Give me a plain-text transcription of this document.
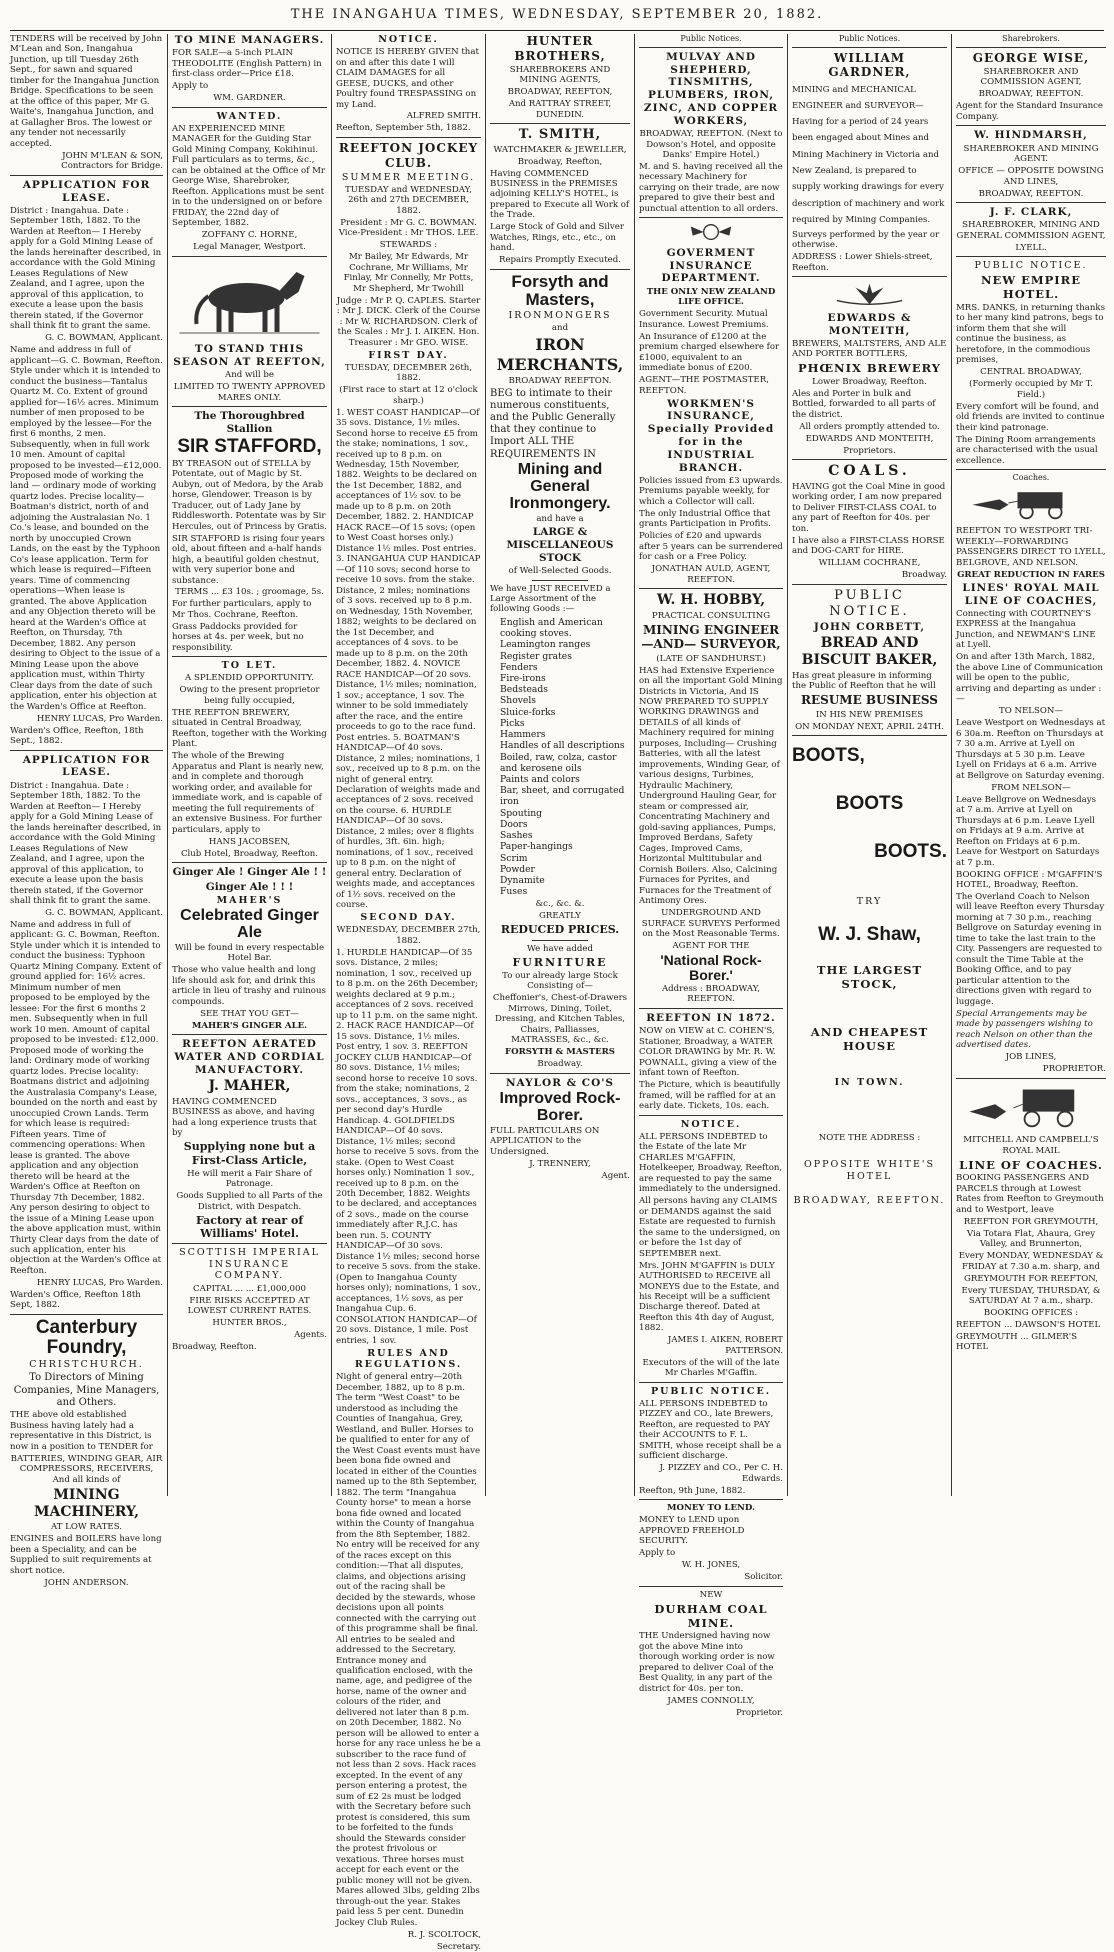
THE INANGAHUA TIMES, WEDNESDAY, SEPTEMBER 20, 1882.

TENDERS will be received by John M'Lean and Son, Inangahua Junction, up till Tuesday 26th Sept., for sawn and squared timber for the Inangahua Junction Bridge. Specifications to be seen at the office of this paper, Mr G. Waite's, Inangahua Junction, and at Gallagher Bros. The lowest or any tender not necessarily accepted.

JOHN M'LEAN & SON, Contractors for Bridge.

APPLICATION FOR LEASE.

District : Inangahua. Date : September 18th, 1882. To the Warden at Reefton— I Hereby apply for a Gold Mining Lease of the lands hereinafter described, in accordance with the Gold Mining Leases Regulations of New Zealand, and I agree, upon the approval of this application, to execute a lease upon the basis therein stated, if the Governor shall think fit to grant the same.

G. C. BOWMAN, Applicant.

Name and address in full of applicant—G. C. Bowman, Reefton. Style under which it is intended to conduct the business—Tantalus Quartz M. Co. Extent of ground applied for—16½ acres. Minimum number of men proposed to be employed by the lessee—For the first 6 months, 2 men. Subsequently, when in full work 10 men. Amount of capital proposed to be invested—£12,000. Proposed mode of working the land — ordinary mode of working quartz lodes. Precise locality—Boatman's district, north of and adjoining the Australasian No. 1 Co.'s lease, and bounded on the north by unoccupied Crown Lands, on the east by the Typhoon Co's lease application. Term for which lease is required—Fifteen years. Time of commencing operations—When lease is granted. The above Application and any Objection thereto will be heard at the Warden's Office at Reefton, on Thursday, 7th December, 1882. Any person desiring to Object to the issue of a Mining Lease upon the above application must, within Thirty Clear days from the date of such application, enter his objection at the Warden's Office at Reefton.

HENRY LUCAS, Pro Warden.

Warden's Office, Reefton, 18th Sept., 1882.

APPLICATION FOR LEASE.

District : Inangahua. Date : September 18th, 1882. To the Warden at Reefton— I Hereby apply for a Gold Mining Lease of the lands hereinafter described, in accordance with the Gold Mining Leases Regulations of New Zealand, and I agree, upon the approval of this application, to execute a lease upon the basis therein stated, if the Governor shall think fit to grant the same.

G. C. BOWMAN, Applicant.

Name and address in full of applicant: G. C. Bowman, Reefton. Style under which it is intended to conduct the business: Typhoon Quartz Mining Company. Extent of ground applied for: 16½ acres. Minimum number of men proposed to be employed by the lessee: For the first 6 months 2 men. Subsequently when in full work 10 men. Amount of capital proposed to be invested: £12,000. Proposed mode of working the land: Ordinary mode of working quartz lodes. Precise locality: Boatmans district and adjoining the Australasia Company's Lease, bounded on the north and east by unoccupied Crown Lands. Term for which lease is required: Fifteen years. Time of commencing operations: When lease is granted. The above application and any objection thereto will be heard at the Warden's Office at Reefton on Thursday 7th December, 1882. Any person desiring to object to the issue of a Mining Lease upon the above application must, within Thirty Clear days from the date of such application, enter his objection at the Warden's Office at Reefton.

HENRY LUCAS, Pro Warden.

Warden's Office, Reefton 18th Sept, 1882.

Canterbury Foundry,

CHRISTCHURCH.

To Directors of Mining Companies, Mine Managers, and Others.

THE above old established Business having lately had a representative in this District, is now in a position to TENDER for

BATTERIES, WINDING GEAR, AIR COMPRESSORS, RECEIVERS, And all kinds of

MINING MACHINERY,

AT LOW RATES.

ENGINES and BOILERS have long been a Speciality, and can be Supplied to suit requirements at short notice.

JOHN ANDERSON.

TO MINE MANAGERS.

FOR SALE—a 5-inch PLAIN THEODOLITE (English Pattern) in first-class order—Price £18.

Apply to

WM. GARDNER.

WANTED.

AN EXPERIENCED MINE MANAGER for the Guiding Star Gold Mining Company, Kokihinui. Full particulars as to terms, &c., can be obtained at the Office of Mr George Wise, Sharebroker, Reefton. Applications must be sent in to the undersigned on or before FRIDAY, the 22nd day of September, 1882.

ZOFFANY C. HORNE,

Legal Manager, Westport.

TO STAND THIS SEASON AT REEFTON,

And will be

LIMITED TO TWENTY APPROVED MARES ONLY.

The Thoroughbred Stallion

SIR STAFFORD,

BY TREASON out of STELLA by Potentate, out of Magic by St. Aubyn, out of Medora, by the Arab horse, Glendower. Treason is by Traducer, out of Lady Jane by Riddlesworth. Potentate was by Sir Hercules, out of Princess by Gratis.

SIR STAFFORD is rising four years old, about fifteen and a-half hands high, a beautiful golden chestnut, with very superior bone and substance.

TERMS ... £3 10s. ; groomage, 5s.

For further particulars, apply to Mr Thos. Cochrane, Reefton.

Grass Paddocks provided for horses at 4s. per week, but no responsibility.

TO LET.

A SPLENDID OPPORTUNITY.

Owing to the present proprietor being fully occupied,

THE REEFTON BREWERY, situated in Central Broadway, Reefton, together with the Working Plant.

The whole of the Brewing Apparatus and Plant is nearly new, and in complete and thorough working order, and available for immediate work, and is capable of meeting the full requirements of an extensive Business. For further particulars, apply to

HANS JACOBSEN,

Club Hotel, Broadway, Reefton.

Ginger Ale ! Ginger Ale ! !

Ginger Ale ! ! !

MAHER'S

Celebrated Ginger Ale

Will be found in every respectable Hotel Bar.

Those who value health and long life should ask for, and drink this article in lieu of trashy and ruinous compounds.

SEE THAT YOU GET—

MAHER'S GINGER ALE.

REEFTON AERATED WATER AND CORDIAL MANUFACTORY.

J. MAHER,

HAVING COMMENCED BUSINESS as above, and having had a long experience trusts that by

Supplying none but a First-Class Article,

He will merit a Fair Share of Patronage.

Goods Supplied to all Parts of the District, with Despatch.

Factory at rear of Williams' Hotel.

SCOTTISH IMPERIAL INSURANCE COMPANY.

CAPITAL ... ... £1,000,000

FIRE RISKS ACCEPTED AT LOWEST CURRENT RATES.

HUNTER BROS.,

Agents.

Broadway, Reefton.

NOTICE.

NOTICE IS HEREBY GIVEN that on and after this date I will CLAIM DAMAGES for all GEESE, DUCKS, and other Poultry found TRESPASSING on my Land.

ALFRED SMITH.

Reefton, September 5th, 1882.

REEFTON JOCKEY CLUB.

SUMMER MEETING.

TUESDAY and WEDNESDAY, 26th and 27th DECEMBER, 1882.

President : Mr G. C. BOWMAN. Vice-President : Mr THOS. LEE.

STEWARDS :

Mr Bailey, Mr Edwards, Mr Cochrane, Mr Williams, Mr Finlay, Mr Connelly, Mr Potts, Mr Shepherd, Mr Twohill

Judge : Mr P. Q. CAPLES. Starter : Mr J. DICK. Clerk of the Course : Mr W. RICHARDSON. Clerk of the Scales : Mr J. I. AIKEN. Hon. Treasurer : Mr GEO. WISE.

FIRST DAY.

TUESDAY, DECEMBER 26th, 1882.

(First race to start at 12 o'clock sharp.)

1. WEST COAST HANDICAP—Of 35 sovs. Distance, 1½ miles. Second horse to receive £5 from the stake; nominations, 1 sov., received up to 8 p.m. on Wednesday, 15th November, 1882. Weights to be declared on the 1st December, 1882, and acceptances of 1½ sov. to be made up to 8 p.m. on 20th December, 1882. 2. HANDICAP HACK RACE—Of 15 sovs; (open to West Coast horses only.) Distance 1½ miles. Post entries. 3. INANGAHUA CUP HANDICAP—Of 110 sovs; second horse to receive 10 sovs. from the stake. Distance, 2 miles; nominations of 3 sovs. received up to 8 p.m. on Wednesday, 15th November, 1882; weights to be declared on the 1st December, and acceptances of 4 sovs. to be made up to 8 p.m. on the 20th December, 1882. 4. NOVICE RACE HANDICAP—Of 20 sovs. Distance, 1½ miles; nomination, 1 sov.; acceptance, 1 sov. The winner to be sold immediately after the race, and the entire proceeds to go to the race fund. Post entries. 5. BOATMAN'S HANDICAP—Of 40 sovs. Distance, 2 miles; nominations, 1 sov., received up to 8 p.m. on the night of general entry. Declaration of weights made and acceptances of 2 sovs. received on the course. 6. HURDLE HANDICAP—Of 30 sovs. Distance, 2 miles; over 8 flights of hurdles, 3ft. 6in. high; nominations, of 1 sov., received up to 8 p.m. on the night of general entry. Declaration of weights made, and acceptances of 1½ sovs. received on the course.

SECOND DAY.

WEDNESDAY, DECEMBER 27th, 1882.

1. HURDLE HANDICAP—Of 35 sovs. Distance, 2 miles; nomination, 1 sov., received up to 8 p.m. on the 26th December; weights declared at 9 p.m.; acceptances of 2 sovs. received up to 11 p.m. on the same night. 2. HACK RACE HANDICAP—Of 15 sovs. Distance, 1½ miles. Post entry, 1 sov. 3. REEFTON JOCKEY CLUB HANDICAP—Of 80 sovs. Distance, 1½ miles; second horse to receive 10 sovs. from the stake; nominations, 2 sovs., acceptances, 3 sovs., as per second day's Hurdle Handicap. 4. GOLDFIELDS HANDICAP—Of 40 sovs. Distance, 1½ miles; second horse to receive 5 sovs. from the stake. (Open to West Coast horses only.) Nomination 1 sov., received up to 8 p.m. on the 20th December, 1882. Weights to be declared, and acceptances of 2 sovs., made on the course immediately after R.J.C. has been run. 5. COUNTY HANDICAP—Of 30 sovs. Distance 1½ miles; second horse to receive 5 sovs. from the stake. (Open to Inangahua County horses only); nominations, 1 sov., acceptances, 1½ sovs, as per Inangahua Cup. 6. CONSOLATION HANDICAP—Of 20 sovs. Distance, 1 mile. Post entries, 1 sov.

RULES AND REGULATIONS.

Night of general entry—20th December, 1882, up to 8 p.m. The term "West Coast" to be understood as including the Counties of Inangahua, Grey, Westland, and Buller. Horses to be qualified to enter for any of the West Coast events must have been bona fide owned and located in either of the Counties named up to the 8th September, 1882. The term "Inangahua County horse" to mean a horse bona fide owned and located within the County of Inangahua from the 8th September, 1882. No entry will be received for any of the races except on this condition:—That all disputes, claims, and objections arising out of the racing shall be decided by the stewards, whose decisions upon all points connected with the carrying out of this programme shall be final. All entries to be sealed and addressed to the Secretary. Entrance money and qualification enclosed, with the name, age, and pedigree of the horse, name of the owner and colours of the rider, and delivered not later than 8 p.m. on 20th December, 1882. No person will be allowed to enter a horse for any race unless he be a subscriber to the race fund of not less than 2 sovs. Hack races excepted. In the event of any person entering a protest, the sum of £2 2s must be lodged with the Secretary before such protest is considered, this sum to be forfeited to the funds should the Stewards consider the protest frivolous or vexatious. Three horses must accept for each event or the public money will not be given. Mares allowed 3lbs, gelding 2lbs through-out the year. Stakes paid less 5 per cent. Dunedin Jockey Club Rules.

R. J. SCOLTOCK,

Secretary.

HUNTER BROTHERS,

SHAREBROKERS AND MINING AGENTS,

BROADWAY, REEFTON,

And RATTRAY STREET, DUNEDIN.

T. SMITH,

WATCHMAKER & JEWELLER,

Broadway, Reefton,

Having COMMENCED BUSINESS in the PREMISES adjoining KELLY'S HOTEL, is prepared to Execute all Work of the Trade.

Large Stock of Gold and Silver Watches, Rings, etc., etc., on hand.

Repairs Promptly Executed.

Forsyth and Masters,

IRONMONGERS

and

IRON MERCHANTS,

BROADWAY REEFTON.

BEG to intimate to their numerous constituents, and the Public Generally that they continue to Import ALL THE REQUIREMENTS IN

Mining and General Ironmongery.

and have a

LARGE & MISCELLANEOUS STOCK

of Well-Selected Goods.

We have JUST RECEIVED a Large Assortment of the following Goods :—

English and American cooking stoves.
Leamington ranges
Register grates
Fenders
Fire-irons
Bedsteads
Shovels
Sluice-forks
Picks
Hammers
Handles of all descriptions
Boiled, raw, colza, castor and kerosene oils
Paints and colors
Bar, sheet, and corrugated iron
Spouting
Doors
Sashes
Paper-hangings
Scrim
Powder
Dynamite
Fuses

&c., &c. &.

GREATLY

REDUCED PRICES.

We have added

FURNITURE

To our already large Stock Consisting of—

Cheffonier's, Chest-of-Drawers Mirrows, Dining, Toilet, Dressing, and Kitchen Tables, Chairs, Palliasses, MATRASSES, &c., &c.

FORSYTH & MASTERS

Broadway.

NAYLOR & CO'S

Improved Rock-Borer.

FULL PARTICULARS ON APPLICATION to the Undersigned.

J. TRENNERY,

Agent.

Public Notices.

MULVAY AND SHEPHERD, TINSMITHS, PLUMBERS, IRON, ZINC, AND COPPER WORKERS,

BROADWAY, REEFTON. (Next to Dowson's Hotel, and opposite Danks' Empire Hotel.)

M. and S. having received all the necessary Machinery for carrying on their trade, are now prepared to give their best and punctual attention to all orders.

GOVERMENT INSURANCE DEPARTMENT.

THE ONLY NEW ZEALAND LIFE OFFICE.

Government Security. Mutual Insurance. Lowest Premiums.

An Insurance of £1200 at the premium charged elsewhere for £1000, equivalent to an immediate bonus of £200.

AGENT—THE POSTMASTER, REEFTON.

WORKMEN'S INSURANCE, Specially Provided for in the INDUSTRIAL BRANCH.

Policies issued from £3 upwards. Premiums payable weekly, for which a Collector will call.

The only Industrial Office that grants Participation in Profits.

Policies of £20 and upwards after 5 years can be surrendered for cash or a Free Policy.

JONATHAN AULD, AGENT, REEFTON.

W. H. HOBBY,

PRACTICAL CONSULTING

MINING ENGINEER —AND— SURVEYOR,

(LATE OF SANDHURST.)

HAS had Extensive Experience on all the important Gold Mining Districts in Victoria, And IS NOW PREPARED TO SUPPLY WORKING DRAWINGS and DETAILS of all kinds of Machinery required for mining purposes, Including— Crushing Batteries, with all the latest improvements, Winding Gear, of various designs, Turbines, Hydraulic Machinery, Underground Hauling Gear, for steam or compressed air, Concentrating Machinery and gold-saving appliances, Pumps, Improved Berdans, Safety Cages, Improved Cams, Horizontal Multitubular and Cornish Boilers. Also, Calcining Furnaces for Pyrites, and Furnaces for the Treatment of Antimony Ores.

UNDERGROUND AND SURFACE SURVEYS Performed on the Most Reasonable Terms.

AGENT FOR THE

'National Rock-Borer.'

Address : BROADWAY, REEFTON.

REEFTON IN 1872.

NOW on VIEW at C. COHEN'S, Stationer, Broadway, a WATER COLOR DRAWING by Mr. R. W. POWNALL, giving a view of the infant town of Reefton.

The Picture, which is beautifully framed, will be raffled for at an early date. Tickets, 10s. each.

NOTICE.

ALL PERSONS INDEBTED to the Estate of the late Mr CHARLES M'GAFFIN, Hotelkeeper, Broadway, Reefton, are requested to pay the same immediately to the undersigned.

All persons having any CLAIMS or DEMANDS against the said Estate are requested to furnish the same to the undersigned, on or before the 1st day of SEPTEMBER next.

Mrs. JOHN M'GAFFIN is DULY AUTHORISED to RECEIVE all MONEYS due to the Estate, and his Receipt will be a sufficient Discharge thereof. Dated at Reefton this 4th day of August, 1882.

JAMES I. AIKEN, ROBERT PATTERSON.

Executors of the will of the late Mr Charles M'Gaffin.

PUBLIC NOTICE.

ALL PERSONS INDEBTED to PIZZEY and CO., late Brewers, Reefton, are requested to PAY their ACCOUNTS to F. L. SMITH, whose receipt shall be a sufficient discharge.

J. PIZZEY and CO., Per C. H. Edwards.

Reefton, 9th June, 1882.

MONEY TO LEND.

MONEY to LEND upon APPROVED FREEHOLD SECURITY.

Apply to

W. H. JONES,

Solicitor.

NEW

DURHAM COAL MINE.

THE Undersigned having now got the above Mine into thorough working order is now prepared to deliver Coal of the Best Quality, in any part of the district for 40s. per ton.

JAMES CONNOLLY,

Proprietor.

Public Notices.

WILLIAM GARDNER,

MINING and MECHANICAL ENGINEER and SURVEYOR—Having for a period of 24 years been engaged about Mines and Mining Machinery in Victoria and New Zealand, is prepared to supply working drawings for every description of machinery and work required by Mining Companies.

Surveys performed by the year or otherwise.

ADDRESS : Lower Shiels-street, Reefton.

EDWARDS & MONTEITH,

BREWERS, MALTSTERS, AND ALE AND PORTER BOTTLERS,

PHŒNIX BREWERY

Lower Broadway, Reefton.

Ales and Porter in bulk and Bottled, forwarded to all parts of the district.

All orders promptly attended to.

EDWARDS AND MONTEITH,

Proprietors.

COALS.

HAVING got the Coal Mine in good working order, I am now prepared to Deliver FIRST-CLASS COAL to any part of Reefton for 40s. per ton.

I have also a FIRST-CLASS HORSE and DOG-CART for HIRE.

WILLIAM COCHRANE,

Broadway.

PUBLIC NOTICE.

JOHN CORBETT,

BREAD AND BISCUIT BAKER,

Has great pleasure in informing the Public of Reefton that he will

RESUME BUSINESS

IN HIS NEW PREMISES

ON MONDAY NEXT, APRIL 24TH.

BOOTS,

BOOTS

BOOTS.

TRY

W. J. Shaw,

THE LARGEST STOCK,

AND CHEAPEST HOUSE

IN TOWN.

NOTE THE ADDRESS :

OPPOSITE WHITE'S HOTEL

BROADWAY, REEFTON.

Sharebrokers.

GEORGE WISE,

SHAREBROKER AND COMMISSION AGENT,

BROADWAY, REEFTON.

Agent for the Standard Insurance Company.

W. HINDMARSH,

SHAREBROKER AND MINING AGENT.

OFFICE — OPPOSITE DOWSING AND LINES,

BROADWAY, REEFTON.

J. F. CLARK,

SHAREBROKER, MINING AND GENERAL COMMISSION AGENT,

LYELL.

PUBLIC NOTICE.

NEW EMPIRE HOTEL.

MRS. DANKS, in returning thanks to her many kind patrons, begs to inform them that she will continue the business, as heretofore, in the commodious premises,

CENTRAL BROADWAY,

(Formerly occupied by Mr T. Field.)

Every comfort will be found, and old friends are invited to continue their kind patronage.

The Dining Room arrangements are characterised with the usual excellence.

Coaches.

REEFTON TO WESTPORT TRI-WEEKLY—FORWARDING PASSENGERS DIRECT TO LYELL, BELGROVE, AND NELSON.

GREAT REDUCTION IN FARES

LINES' ROYAL MAIL LINE OF COACHES,

Connecting with COURTNEY'S EXPRESS at the Inangahua Junction, and NEWMAN'S LINE at Lyell.

On and after 13th March, 1882, the above Line of Communication will be open to the public, arriving and departing as under :—

TO NELSON—

Leave Westport on Wednesdays at 6 30a.m. Reefton on Thursdays at 7 30 a.m. Arrive at Lyell on Thursdays at 5 30 p.m. Leave Lyell on Fridays at 6 a.m. Arrive at Bellgrove on Saturday evening.

FROM NELSON—

Leave Bellgrove on Wednesdays at 7 a.m. Arrive at Lyell on Thursdays at 6 p.m. Leave Lyell on Fridays at 9 a.m. Arrive at Reefton on Fridays at 6 p.m. Leave for Westport on Saturdays at 7 p.m.

BOOKING OFFICE : M'GAFFIN'S HOTEL, Broadway, Reefton.

The Overland Coach to Nelson will leave Reefton every Thursday morning at 7 30 p.m., reaching Bellgrove on Saturday evening in time to take the last train to the City. Passengers are requested to consult the Time Table at the Booking Office, and to pay particular attention to the directions given with regard to luggage.

Special Arrangements may be made by passengers wishing to reach Nelson on other than the advertised dates.

JOB LINES,

PROPRIETOR.

MITCHELL AND CAMPBELL'S ROYAL MAIL

LINE OF COACHES.

BOOKING PASSENGERS AND PARCELS through at Lowest Rates from Reefton to Greymouth and to Westport, leave

REEFTON FOR GREYMOUTH,

Via Totara Flat, Ahaura, Grey Valley, and Brunnerton,

Every MONDAY, WEDNESDAY & FRIDAY at 7.30 a.m. sharp, and

GREYMOUTH FOR REEFTON,

Every TUESDAY, THURSDAY, & SATURDAY At 7 a.m., sharp.

BOOKING OFFICES :

REEFTON ... DAWSON'S HOTEL

GREYMOUTH ... GILMER'S HOTEL
